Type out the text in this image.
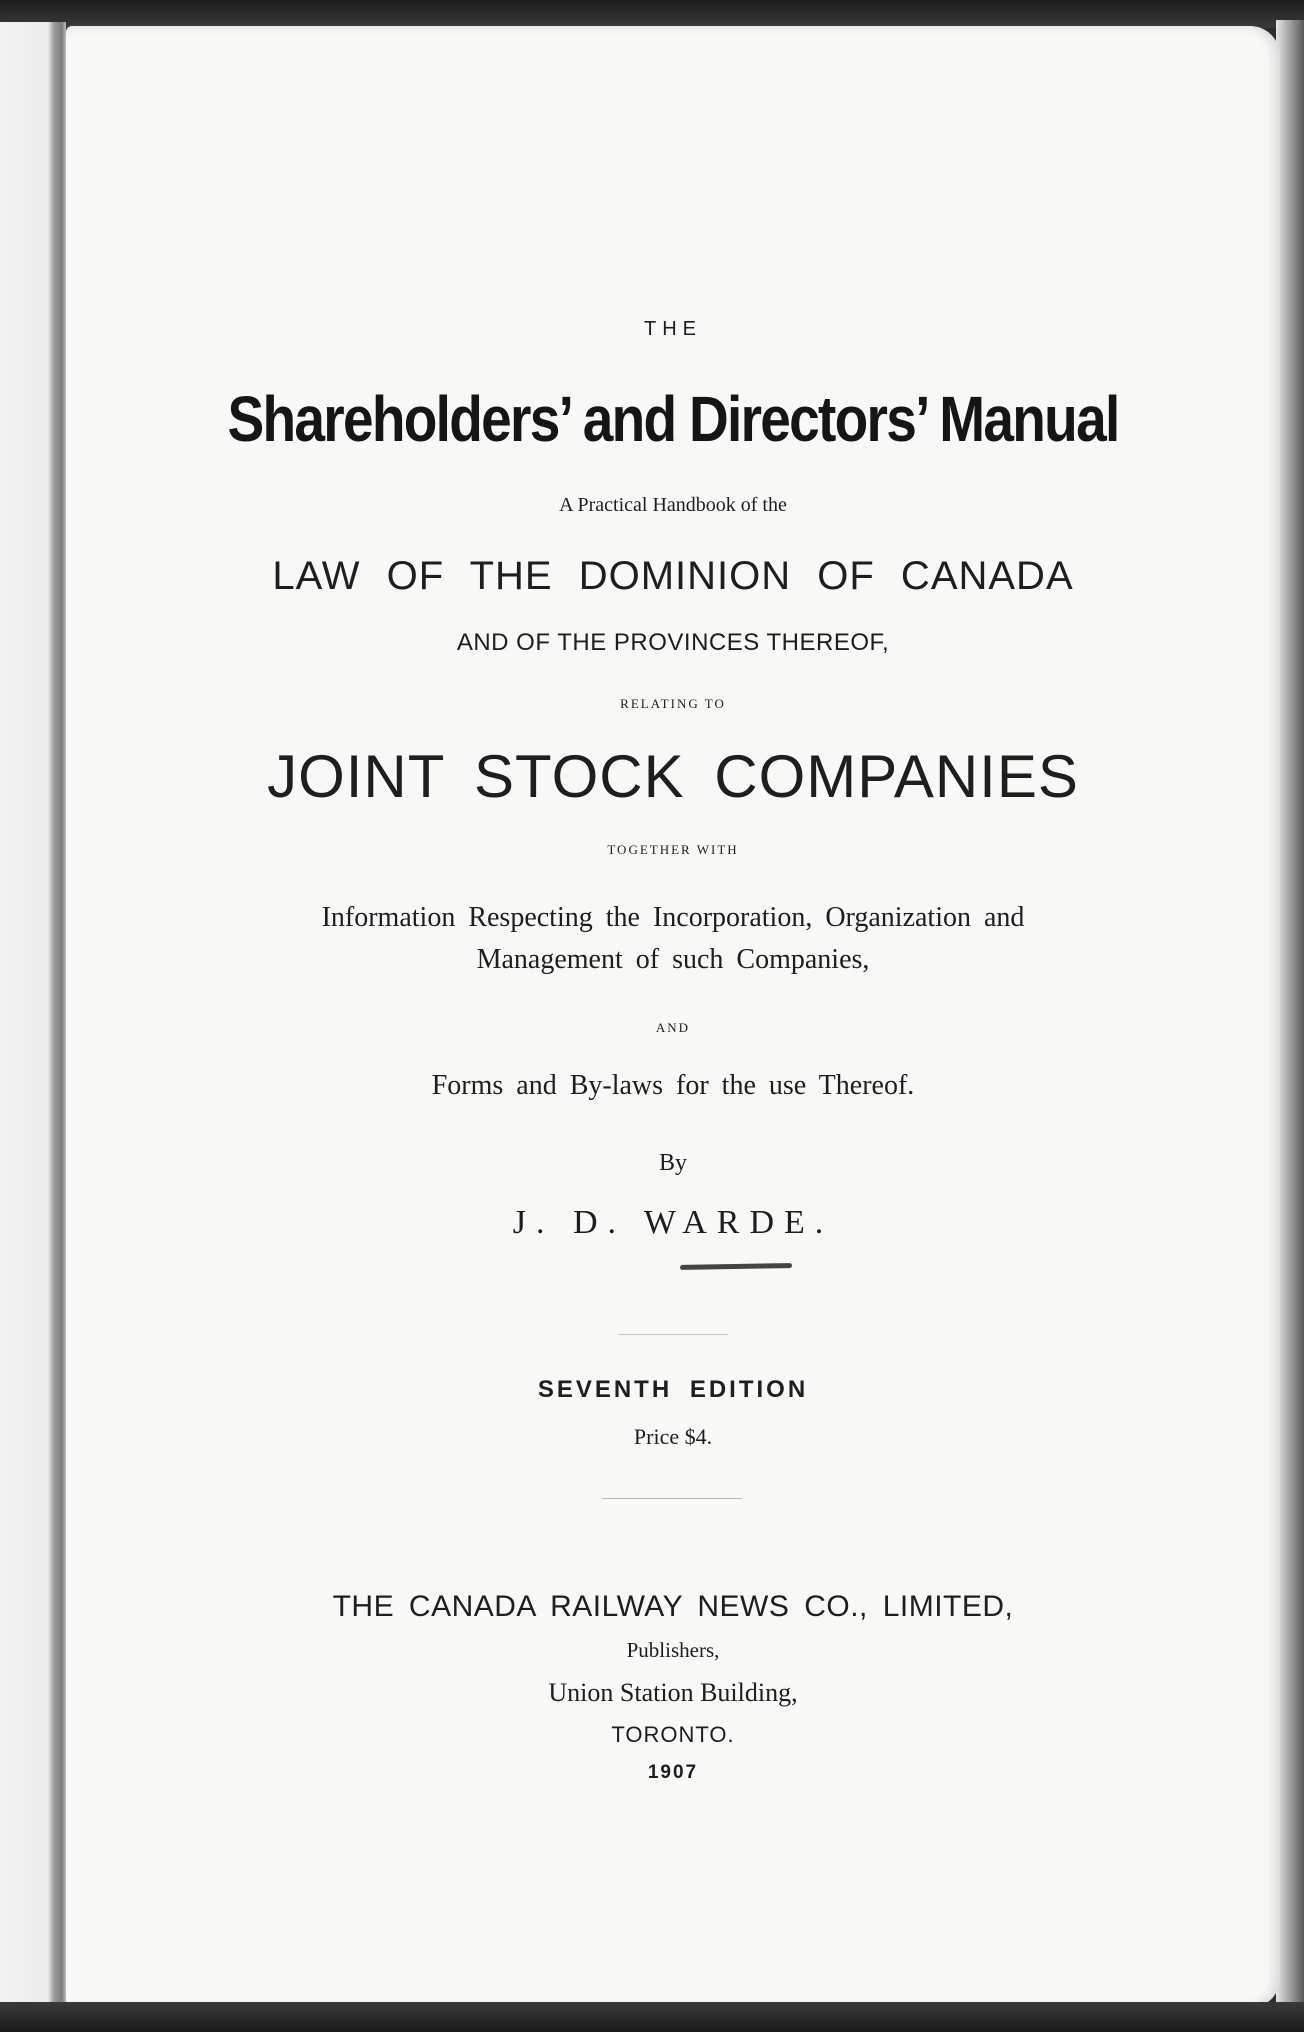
THE

Shareholders’ and Directors’ Manual

A Practical Handbook of the

LAW OF THE DOMINION OF CANADA

AND OF THE PROVINCES THEREOF,

RELATING TO

JOINT STOCK COMPANIES

TOGETHER WITH

Information Respecting the Incorporation, Organization and

Management of such Companies,

AND

Forms and By-laws for the use Thereof.

By

J. D. WARDE.

SEVENTH EDITION

Price $4.

THE CANADA RAILWAY NEWS CO., LIMITED,

Publishers,

Union Station Building,

TORONTO.

1907
